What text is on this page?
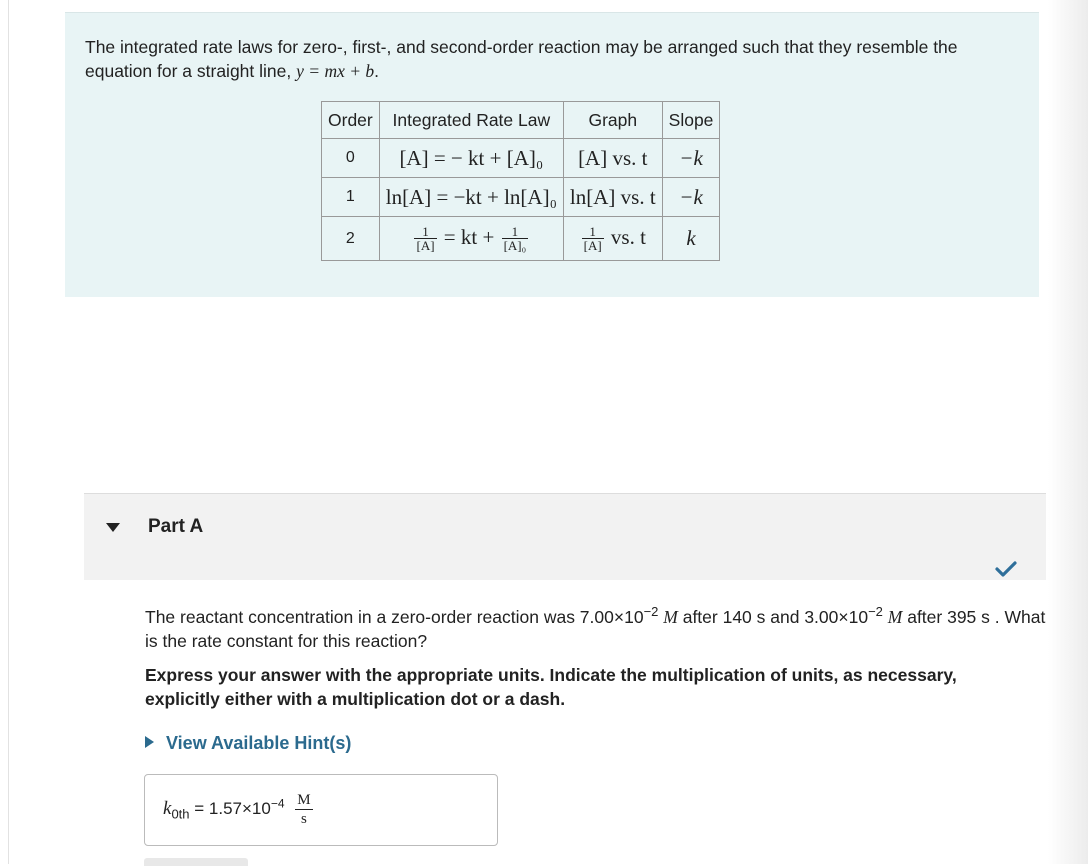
The integrated rate laws for zero-, first-, and second-order reaction may be arranged such that they resemble the equation for a straight line, y = mx + b.
Order	Integrated Rate Law	Graph	Slope
0	[A] = − kt + [A]₀	[A] vs. t	−k
1	ln[A] = −kt + ln[A]₀	ln[A] vs. t	−k
2	$\frac{1}{[A]}$ = kt + $\frac{1}{\text{[A]₀}}$	$\frac{1}{[A]}$ vs. t	k
Part A
The reactant concentration in a zero-order reaction was $7.00\times 10^{-2}$ M after 140 s and $3.00\times 10^{-2}$ M after 395 s . What is the rate constant for this reaction?
Express your answer with the appropriate units. Indicate the multiplication of units, as necessary, explicitly either with a multiplication dot or a dash.
View Available Hint(s)
$k_{0th} = 1.57\times 10^{-4} \frac{M}{s}$
